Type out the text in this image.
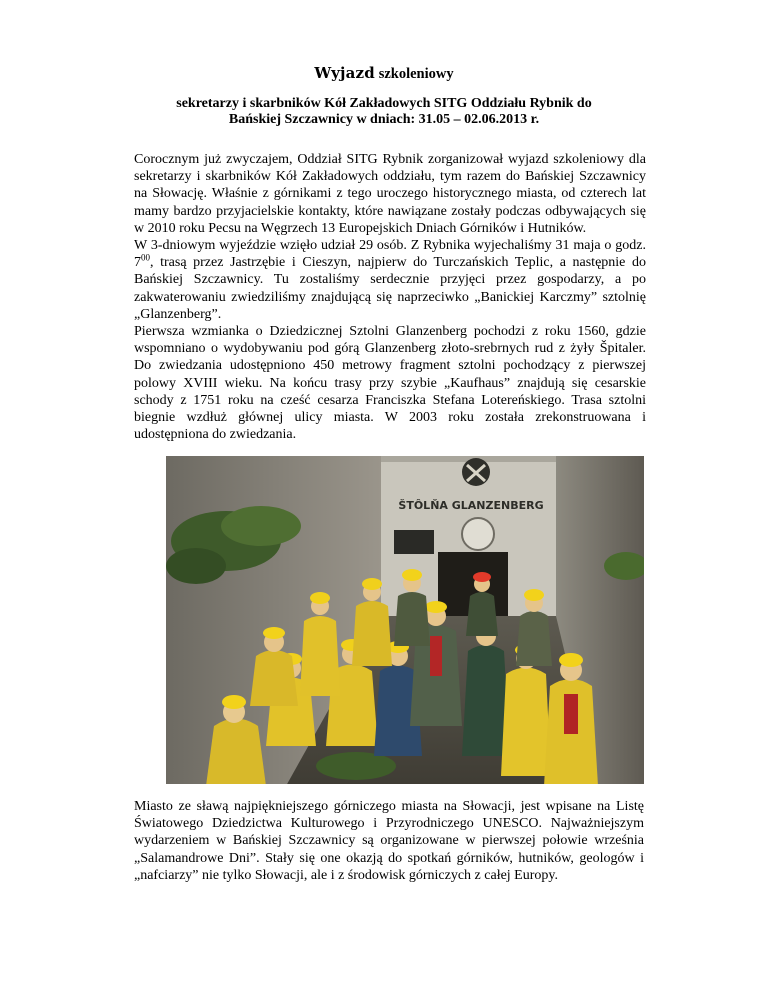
Wyjazd szkoleniowy
sekretarzy i skarbników Kół Zakładowych SITG Oddziału Rybnik do
Bańskiej Szczawnicy w dniach: 31.05 – 02.06.2013 r.

Corocznym już zwyczajem, Oddział SITG Rybnik zorganizował wyjazd szkoleniowy dla sekretarzy i skarbników Kół Zakładowych oddziału, tym razem do Bańskiej Szczawnicy na Słowację. Właśnie z górnikami z tego uroczego historycznego miasta, od czterech lat mamy bardzo przyjacielskie kontakty, które nawiązane zostały podczas odbywających się w 2010 roku Pecsu na Węgrzech 13 Europejskich Dniach Górników i Hutników.

W 3-dniowym wyjeździe wzięło udział 29 osób. Z Rybnika wyjechaliśmy 31 maja o godz. $7^{00}$, trasą przez Jastrzębie i Cieszyn, najpierw do Turczańskich Teplic, a następnie do Bańskiej Szczawnicy. Tu zostaliśmy serdecznie przyjęci przez gospodarzy, a po zakwaterowaniu zwiedziliśmy znajdującą się naprzeciwko „Banickiej Karczmy” sztolnię „Glanzenberg”.

Pierwsza wzmianka o Dziedzicznej Sztolni Glanzenberg pochodzi z roku 1560, gdzie wspomniano o wydobywaniu pod górą Glanzenberg złoto-srebrnych rud z żyły Špitaler. Do zwiedzania udostępniono 450 metrowy fragment sztolni pochodzący z pierwszej polowy XVIII wieku. Na końcu trasy przy szybie „Kaufhaus” znajdują się cesarskie schody z 1751 roku na cześć cesarza Franciszka Stefana Lotereńskiego. Trasa sztolni biegnie wzdłuż głównej ulicy miasta. W 2003 roku została zrekonstruowana i udostępniona do zwiedzania.

ŠTÔLŇA GLANZENBERG

Miasto ze sławą najpiękniejszego górniczego miasta na Słowacji, jest wpisane na Listę Światowego Dziedzictwa Kulturowego i Przyrodniczego UNESCO. Najważniejszym wydarzeniem w Bańskiej Szczawnicy są organizowane w pierwszej połowie września „Salamandrowe Dni”. Stały się one okazją do spotkań górników, hutników, geologów i „nafciarzy” nie tylko Słowacji, ale i z środowisk górniczych z całej Europy.
